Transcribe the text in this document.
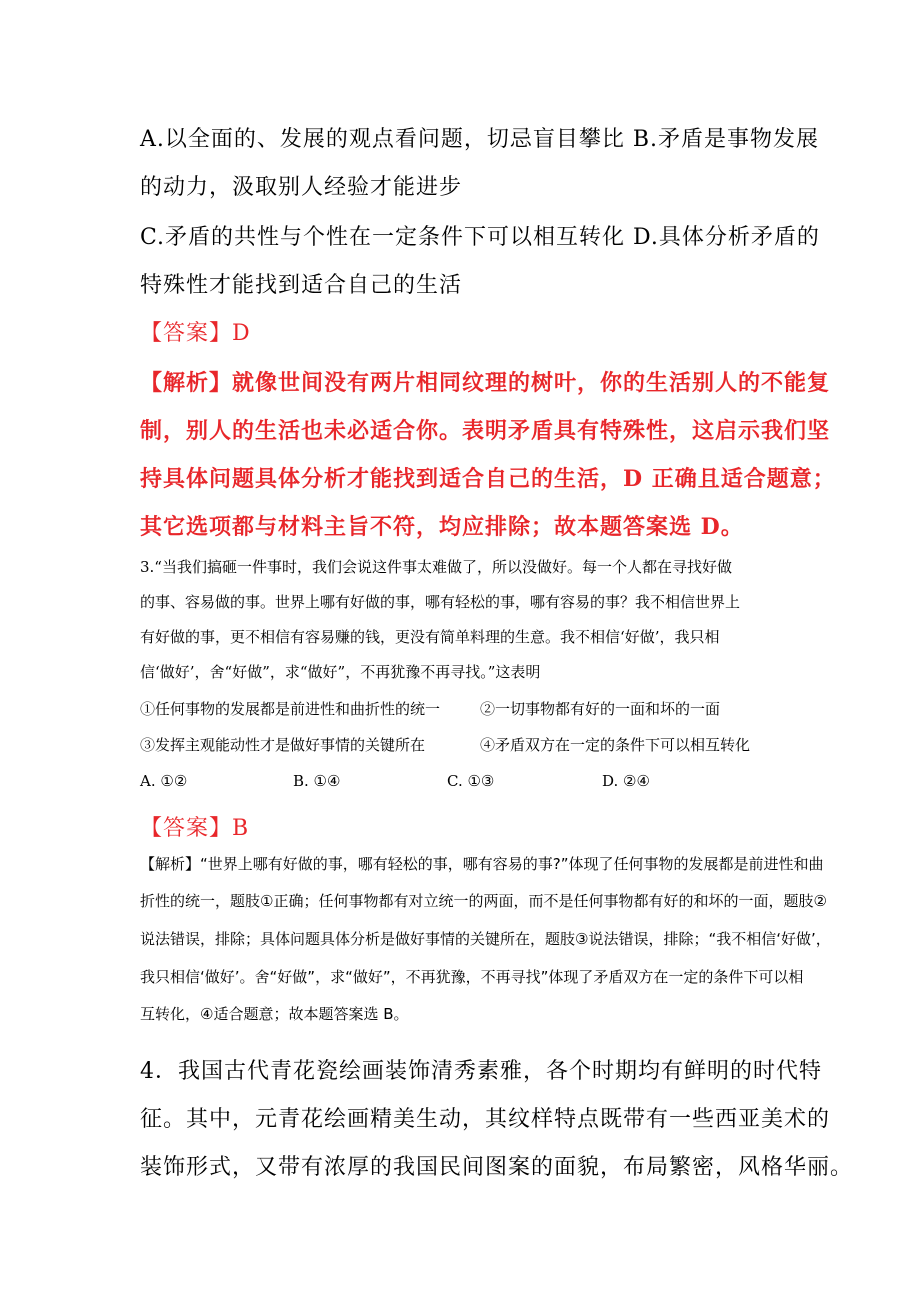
A.以全面的、发展的观点看问题，切忌盲目攀比 B.矛盾是事物发展
的动力，汲取别人经验才能进步
C.矛盾的共性与个性在一定条件下可以相互转化 D.具体分析矛盾的
特殊性才能找到适合自己的生活
【答案】D
【解析】就像世间没有两片相同纹理的树叶，你的生活别人的不能复
制，别人的生活也未必适合你。表明矛盾具有特殊性，这启示我们坚
持具体问题具体分析才能找到适合自己的生活，D 正确且适合题意；
其它选项都与材料主旨不符，均应排除；故本题答案选 D。
3.“当我们搞砸一件事时，我们会说这件事太难做了，所以没做好。每一个人都在寻找好做
的事、容易做的事。世界上哪有好做的事，哪有轻松的事，哪有容易的事？我不相信世界上
有好做的事，更不相信有容易赚的钱，更没有简单料理的生意。我不相信‘好做’，我只相
信‘做好’，舍“好做”，求“做好”，不再犹豫不再寻找。”这表明
①任何事物的发展都是前进性和曲折性的统一	②一切事物都有好的一面和坏的一面
③发挥主观能动性才是做好事情的关键所在	④矛盾双方在一定的条件下可以相互转化
A. ①②	B. ①④	C. ①③	D. ②④
【答案】B
【解析】“世界上哪有好做的事，哪有轻松的事，哪有容易的事?”体现了任何事物的发展都是前进性和曲
折性的统一，题肢①正确；任何事物都有对立统一的两面，而不是任何事物都有好的和坏的一面，题肢②
说法错误，排除；具体问题具体分析是做好事情的关键所在，题肢③说法错误，排除；“我不相信‘好做’，
我只相信‘做好’。舍“好做”，求“做好”，不再犹豫，不再寻找”体现了矛盾双方在一定的条件下可以相
互转化，④适合题意；故本题答案选 B。
4．我国古代青花瓷绘画装饰清秀素雅，各个时期均有鲜明的时代特
征。其中，元青花绘画精美生动，其纹样特点既带有一些西亚美术的
装饰形式，又带有浓厚的我国民间图案的面貌，布局繁密，风格华丽。
